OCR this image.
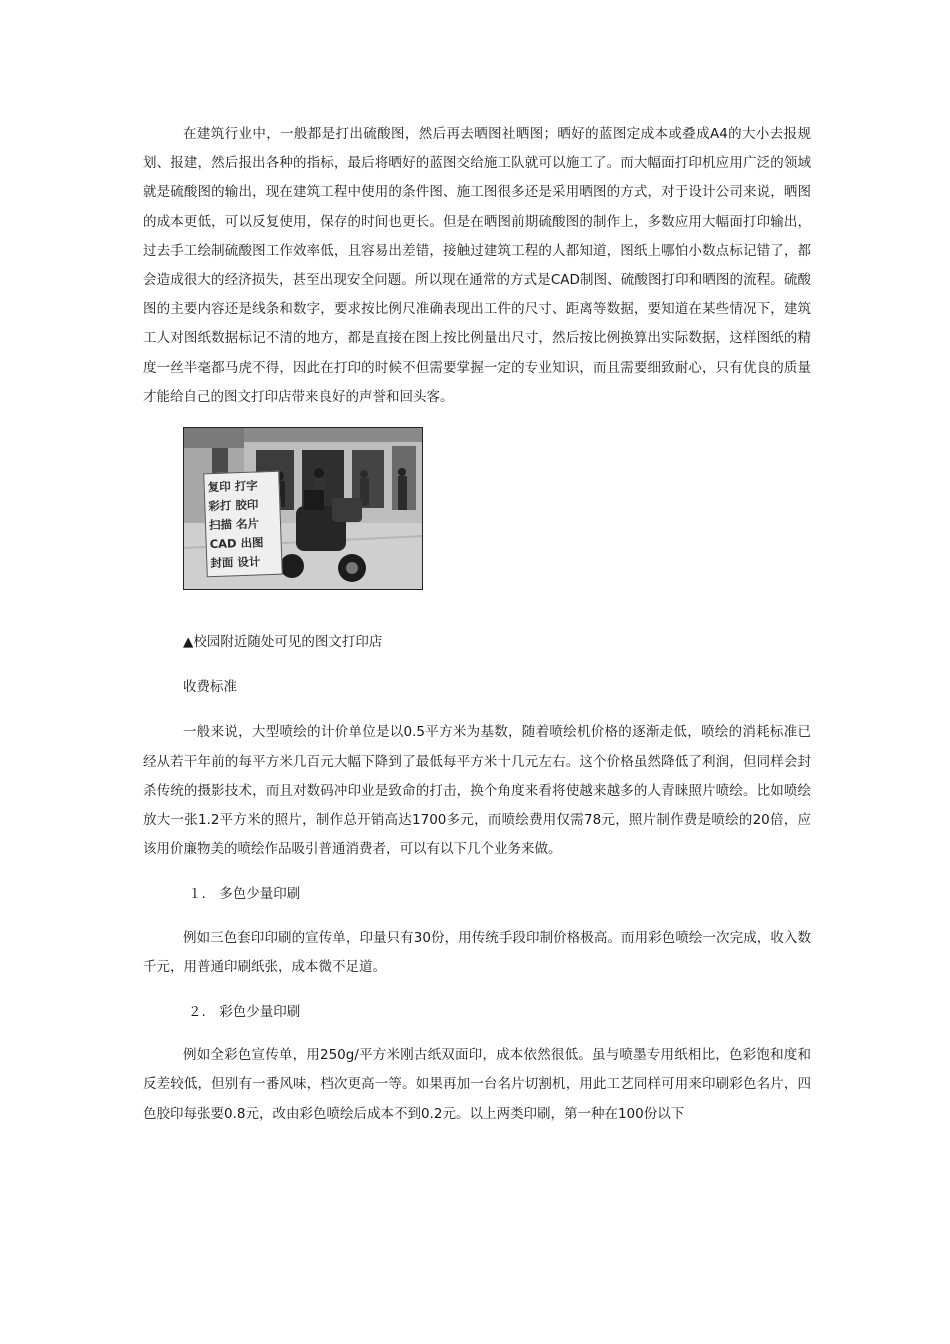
在建筑行业中，一般都是打出硫酸图，然后再去晒图社晒图；晒好的蓝图定成本或叠成A4的大小去报规划、报建，然后报出各种的指标，最后将晒好的蓝图交给施工队就可以施工了。而大幅面打印机应用广泛的领域就是硫酸图的输出，现在建筑工程中使用的条件图、施工图很多还是采用晒图的方式，对于设计公司来说，晒图的成本更低，可以反复使用，保存的时间也更长。但是在晒图前期硫酸图的制作上，多数应用大幅面打印输出，过去手工绘制硫酸图工作效率低，且容易出差错，接触过建筑工程的人都知道，图纸上哪怕小数点标记错了，都会造成很大的经济损失，甚至出现安全问题。所以现在通常的方式是CAD制图、硫酸图打印和晒图的流程。硫酸图的主要内容还是线条和数字，要求按比例尺准确表现出工件的尺寸、距离等数据，要知道在某些情况下，建筑工人对图纸数据标记不清的地方，都是直接在图上按比例量出尺寸，然后按比例换算出实际数据，这样图纸的精度一丝半毫都马虎不得，因此在打印的时候不但需要掌握一定的专业知识，而且需要细致耐心，只有优良的质量才能给自己的图文打印店带来良好的声誉和回头客。

复印 打字
彩打 胶印
扫描 名片
CAD 出图
封面 设计

▲校园附近随处可见的图文打印店

收费标准

一般来说，大型喷绘的计价单位是以0.5平方米为基数，随着喷绘机价格的逐渐走低，喷绘的消耗标准已经从若干年前的每平方米几百元大幅下降到了最低每平方米十几元左右。这个价格虽然降低了利润，但同样会封杀传统的摄影技术，而且对数码冲印业是致命的打击，换个角度来看将使越来越多的人青睐照片喷绘。比如喷绘放大一张1.2平方米的照片，制作总开销高达1700多元，而喷绘费用仅需78元，照片制作费是喷绘的20倍，应该用价廉物美的喷绘作品吸引普通消费者，可以有以下几个业务来做。

１.　多色少量印刷

例如三色套印印刷的宣传单，印量只有30份，用传统手段印制价格极高。而用彩色喷绘一次完成，收入数千元，用普通印刷纸张，成本微不足道。

２.　彩色少量印刷

例如全彩色宣传单，用250g/平方米刚古纸双面印，成本依然很低。虽与喷墨专用纸相比，色彩饱和度和反差较低，但别有一番风味，档次更高一等。如果再加一台名片切割机，用此工艺同样可用来印刷彩色名片，四色胶印每张要0.8元，改由彩色喷绘后成本不到0.2元。以上两类印刷，第一种在100份以下
